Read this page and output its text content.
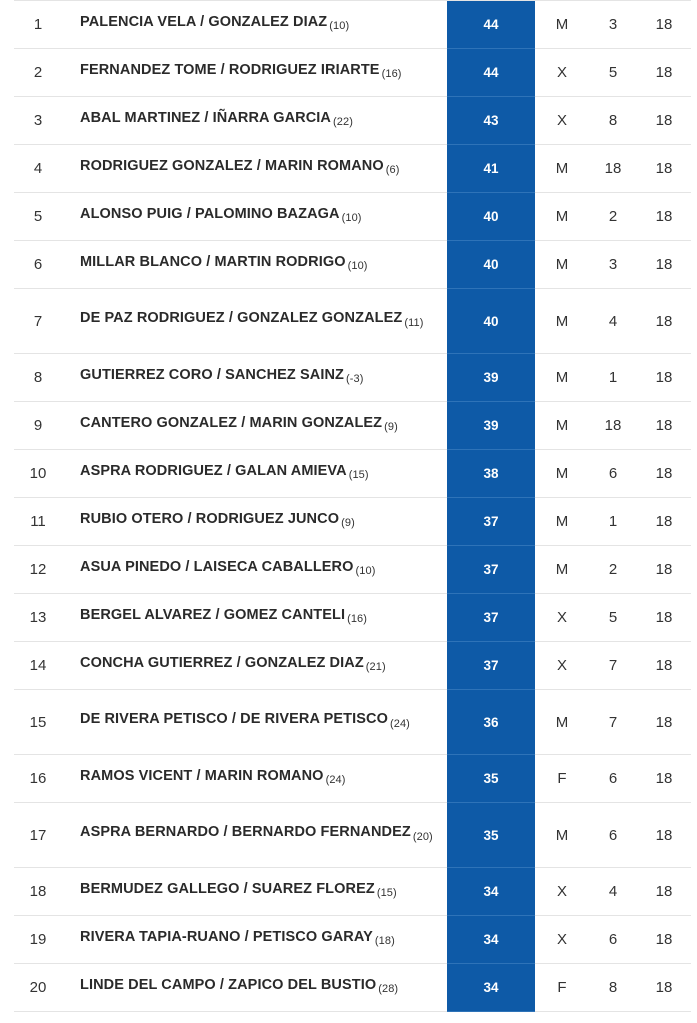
1	PALENCIA VELA / GONZALEZ DIAZ $_{(10)}$	44	M	3	18
2	FERNANDEZ TOME / RODRIGUEZ IRIARTE $_{(16)}$	44	X	5	18
3	ABAL MARTINEZ / IÑARRA GARCIA $_{(22)}$	43	X	8	18
4	RODRIGUEZ GONZALEZ / MARIN ROMANO $_{(6)}$	41	M	18	18
5	ALONSO PUIG / PALOMINO BAZAGA $_{(10)}$	40	M	2	18
6	MILLAR BLANCO / MARTIN RODRIGO $_{(10)}$	40	M	3	18
7	DE PAZ RODRIGUEZ / GONZALEZ GONZALEZ $_{(11)}$	40	M	4	18
8	GUTIERREZ CORO / SANCHEZ SAINZ $_{(-3)}$	39	M	1	18
9	CANTERO GONZALEZ / MARIN GONZALEZ $_{(9)}$	39	M	18	18
10	ASPRA RODRIGUEZ / GALAN AMIEVA $_{(15)}$	38	M	6	18
11	RUBIO OTERO / RODRIGUEZ JUNCO $_{(9)}$	37	M	1	18
12	ASUA PINEDO / LAISECA CABALLERO $_{(10)}$	37	M	2	18
13	BERGEL ALVAREZ / GOMEZ CANTELI $_{(16)}$	37	X	5	18
14	CONCHA GUTIERREZ / GONZALEZ DIAZ $_{(21)}$	37	X	7	18
15	DE RIVERA PETISCO / DE RIVERA PETISCO $_{(24)}$	36	M	7	18
16	RAMOS VICENT / MARIN ROMANO $_{(24)}$	35	F	6	18
17	ASPRA BERNARDO / BERNARDO FERNANDEZ $_{(20)}$	35	M	6	18
18	BERMUDEZ GALLEGO / SUAREZ FLOREZ $_{(15)}$	34	X	4	18
19	RIVERA TAPIA-RUANO / PETISCO GARAY $_{(18)}$	34	X	6	18
20	LINDE DEL CAMPO / ZAPICO DEL BUSTIO $_{(28)}$	34	F	8	18
